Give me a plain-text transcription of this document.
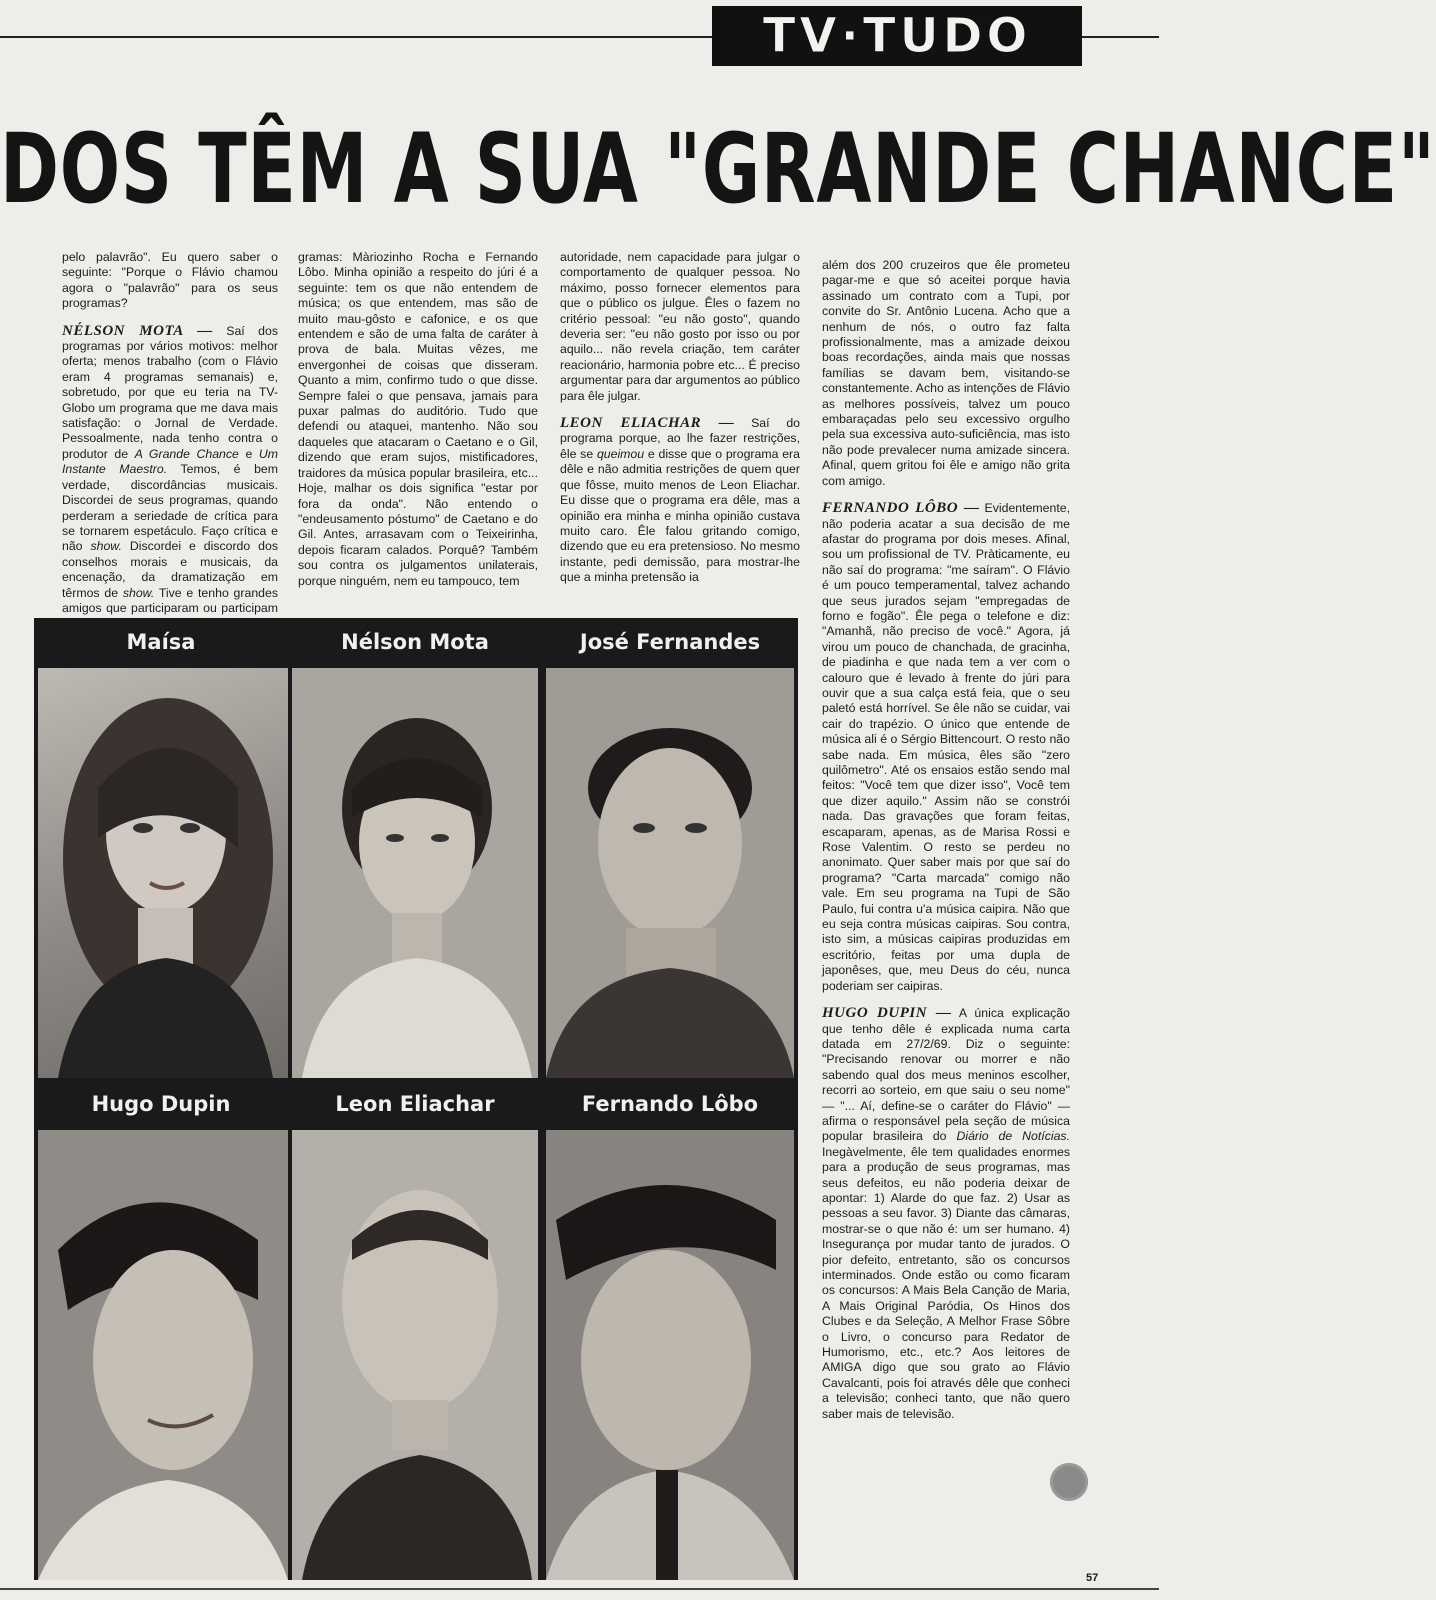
TV·TUDO
DOS TÊM A SUA "GRANDE CHANCE"

pelo palavrão". Eu quero saber o seguinte: "Porque o Flávio chamou agora o "palavrão" para os seus programas?

NÉLSON MOTA — Saí dos programas por vários motivos: melhor oferta; menos trabalho (com o Flávio eram 4 programas semanais) e, sobretudo, por que eu teria na TV-Globo um programa que me dava mais satisfação: o Jornal de Verdade. Pessoalmente, nada tenho contra o produtor de A Grande Chance e Um Instante Maestro. Temos, é bem verdade, discordâncias musicais. Discordei de seus programas, quando perderam a seriedade de crítica para se tornarem espetáculo. Faço crítica e não show. Discordei e discordo dos conselhos morais e musicais, da encenação, da dramatização em têrmos de show. Tive e tenho grandes amigos que participaram ou participam

gramas: Màriozinho Rocha e Fernando Lôbo. Minha opinião a respeito do júri é a seguinte: tem os que não entendem de música; os que entendem, mas são de muito mau-gôsto e cafonice, e os que entendem e são de uma falta de caráter à prova de bala. Muitas vêzes, me envergonhei de coisas que disseram. Quanto a mim, confirmo tudo o que disse. Sempre falei o que pensava, jamais para puxar palmas do auditório. Tudo que defendi ou ataquei, mantenho. Não sou daqueles que atacaram o Caetano e o Gil, dizendo que eram sujos, mistificadores, traidores da música popular brasileira, etc... Hoje, malhar os dois significa "estar por fora da onda". Não entendo o "endeusamento póstumo" de Caetano e do Gil. Antes, arrasavam com o Teixeirinha, depois ficaram calados. Porquê? Também sou contra os julgamentos unilaterais, porque ninguém, nem eu tampouco, tem

autoridade, nem capacidade para julgar o comportamento de qualquer pessoa. No máximo, posso fornecer elementos para que o público os julgue. Êles o fazem no critério pessoal: "eu não gosto", quando deveria ser: "eu não gosto por isso ou por aquilo... não revela criação, tem caráter reacionário, harmonia pobre etc... É preciso argumentar para dar argumentos ao público para êle julgar.

LEON ELIACHAR — Saí do programa porque, ao lhe fazer restrições, êle se queimou e disse que o programa era dêle e não admitia restrições de quem quer que fôsse, muito menos de Leon Eliachar. Eu disse que o programa era dêle, mas a opinião era minha e minha opinião custava muito caro. Êle falou gritando comigo, dizendo que eu era pretensioso. No mesmo instante, pedi demissão, para mostrar-lhe que a minha pretensão ia

além dos 200 cruzeiros que êle prometeu pagar-me e que só aceitei porque havia assinado um contrato com a Tupi, por convite do Sr. Antônio Lucena. Acho que a nenhum de nós, o outro faz falta profissionalmente, mas a amizade deixou boas recordações, ainda mais que nossas famílias se davam bem, visitando-se constantemente. Acho as intenções de Flávio as melhores possíveis, talvez um pouco embaraçadas pelo seu excessivo orgulho pela sua excessiva auto-suficiência, mas isto não pode prevalecer numa amizade sincera. Afinal, quem gritou foi êle e amigo não grita com amigo.

FERNANDO LÔBO — Evidentemente, não poderia acatar a sua decisão de me afastar do programa por dois meses. Afinal, sou um profissional de TV. Pràticamente, eu não saí do programa: "me saíram". O Flávio é um pouco temperamental, talvez achando que seus jurados sejam "empregadas de forno e fogão". Êle pega o telefone e diz: "Amanhã, não preciso de você." Agora, já virou um pouco de chanchada, de gracinha, de piadinha e que nada tem a ver com o calouro que é levado à frente do júri para ouvir que a sua calça está feia, que o seu paletó está horrível. Se êle não se cuidar, vai cair do trapézio. O único que entende de música ali é o Sérgio Bittencourt. O resto não sabe nada. Em música, êles são "zero quilômetro". Até os ensaios estão sendo mal feitos: "Você tem que dizer isso", Você tem que dizer aquilo." Assim não se constrói nada. Das gravações que foram feitas, escaparam, apenas, as de Marisa Rossi e Rose Valentim. O resto se perdeu no anonimato. Quer saber mais por que saí do programa? "Carta marcada" comigo não vale. Em seu programa na Tupi de São Paulo, fui contra u'a música caipira. Não que eu seja contra músicas caipiras. Sou contra, isto sim, a músicas caipiras produzidas em escritório, feitas por uma dupla de japonêses, que, meu Deus do céu, nunca poderiam ser caipiras.

HUGO DUPIN — A única explicação que tenho dêle é explicada numa carta datada em 27/2/69. Diz o seguinte: "Precisando renovar ou morrer e não sabendo qual dos meus meninos escolher, recorri ao sorteio, em que saiu o seu nome" — "... Aí, define-se o caráter do Flávio" — afirma o responsável pela seção de música popular brasileira do Diário de Notícias. Inegàvelmente, êle tem qualidades enormes para a produção de seus programas, mas seus defeitos, eu não poderia deixar de apontar: 1) Alarde do que faz. 2) Usar as pessoas a seu favor. 3) Diante das câmaras, mostrar-se o que não é: um ser humano. 4) Insegurança por mudar tanto de jurados. O pior defeito, entretanto, são os concursos interminados. Onde estão ou como ficaram os concursos: A Mais Bela Canção de Maria, A Mais Original Paródia, Os Hinos dos Clubes e da Seleção, A Melhor Frase Sôbre o Livro, o concurso para Redator de Humorismo, etc., etc.? Aos leitores de AMIGA digo que sou grato ao Flávio Cavalcanti, pois foi através dêle que conheci a televisão; conheci tanto, que não quero saber mais de televisão.

Maísa	Nélson Mota	José Fernandes
Hugo Dupin	Leon Eliachar	Fernando Lôbo
57
